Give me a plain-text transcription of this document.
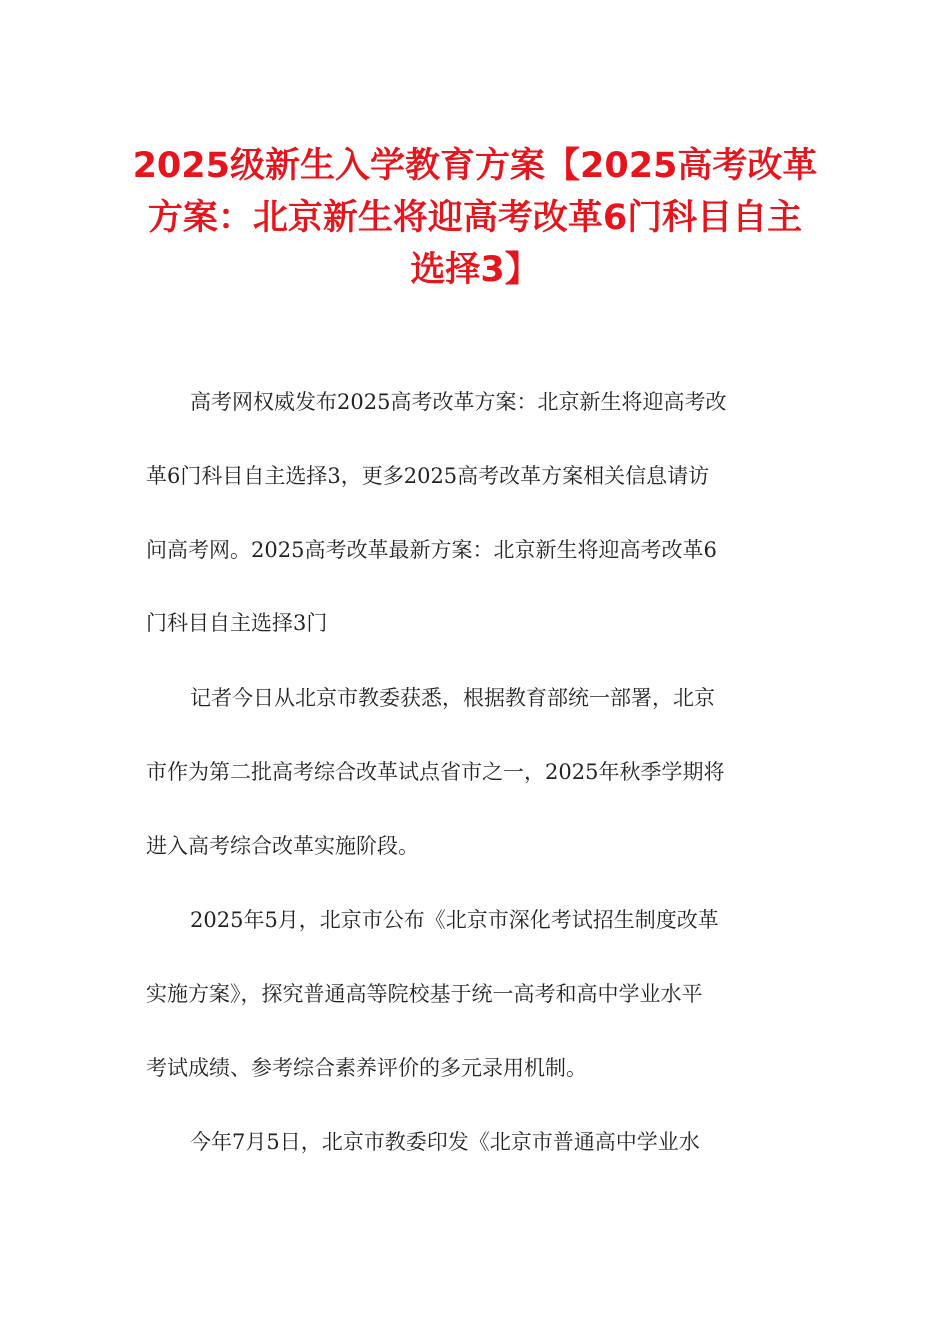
2025级新生入学教育方案【2025高考改革
方案：北京新生将迎高考改革6门科目自主
选择3】
高考网权威发布2025高考改革方案：北京新生将迎高考改
革6门科目自主选择3，更多2025高考改革方案相关信息请访
问高考网。2025高考改革最新方案：北京新生将迎高考改革6
门科目自主选择3门
记者今日从北京市教委获悉，根据教育部统一部署，北京
市作为第二批高考综合改革试点省市之一，2025年秋季学期将
进入高考综合改革实施阶段。
2025年5月，北京市公布《北京市深化考试招生制度改革
实施方案》，探究普通高等院校基于统一高考和高中学业水平
考试成绩、参考综合素养评价的多元录用机制。
今年7月5日，北京市教委印发《北京市普通高中学业水
